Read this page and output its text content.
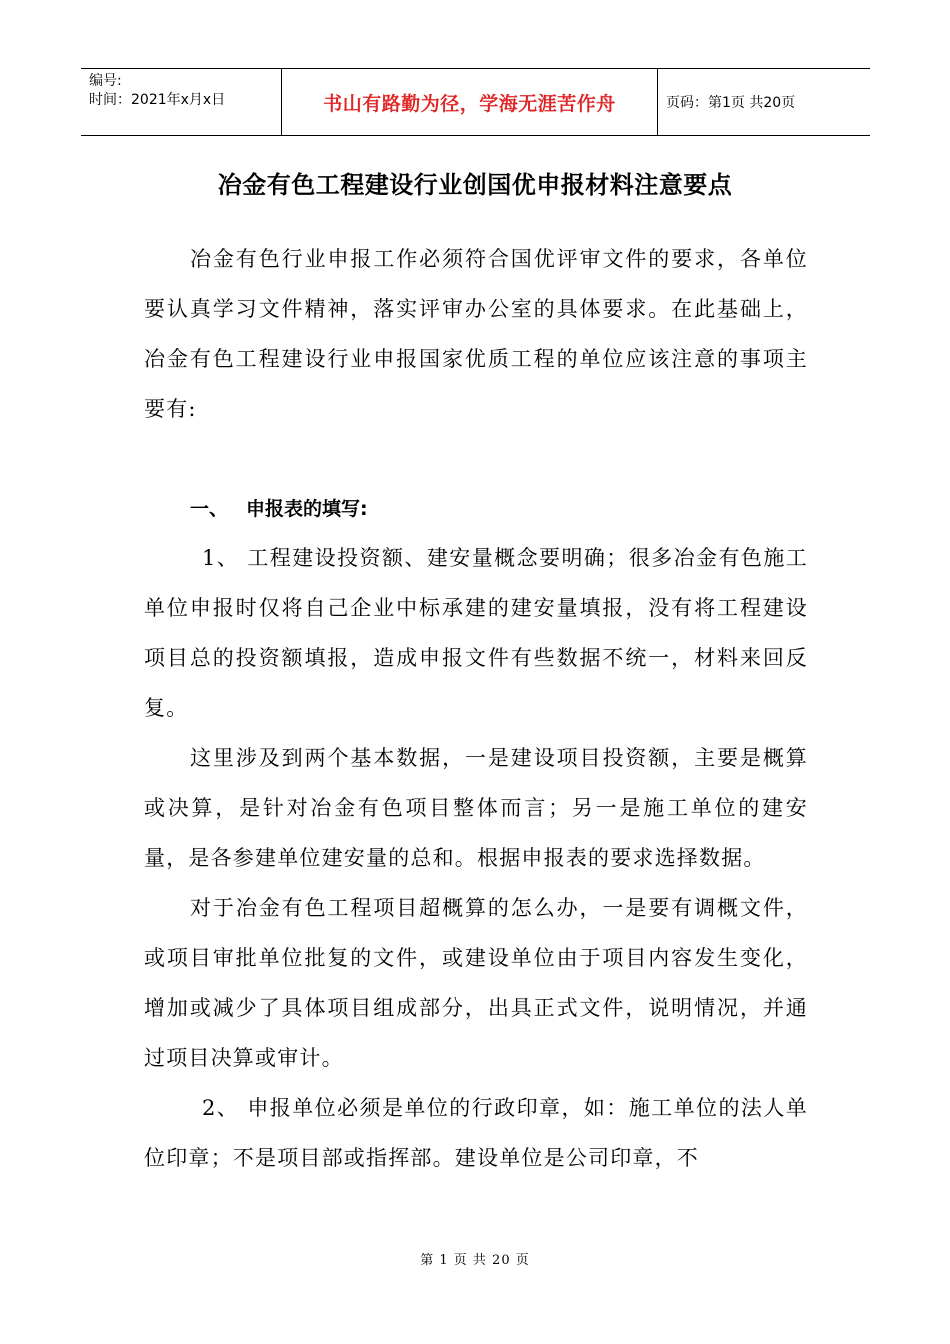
编号:
时间：2021年x月x日	书山有路勤为径，学海无涯苦作舟	页码：第1页 共20页
冶金有色工程建设行业创国优申报材料注意要点
冶金有色行业申报工作必须符合国优评审文件的要求，各单位要认真学习文件精神，落实评审办公室的具体要求。在此基础上，冶金有色工程建设行业申报国家优质工程的单位应该注意的事项主要有:
一、 申报表的填写:
1、 工程建设投资额、建安量概念要明确；很多冶金有色施工单位申报时仅将自己企业中标承建的建安量填报，没有将工程建设项目总的投资额填报，造成申报文件有些数据不统一，材料来回反复。
这里涉及到两个基本数据，一是建设项目投资额，主要是概算或决算，是针对冶金有色项目整体而言；另一是施工单位的建安量，是各参建单位建安量的总和。根据申报表的要求选择数据。
对于冶金有色工程项目超概算的怎么办，一是要有调概文件，或项目审批单位批复的文件，或建设单位由于项目内容发生变化，增加或减少了具体项目组成部分，出具正式文件，说明情况，并通过项目决算或审计。
2、 申报单位必须是单位的行政印章，如：施工单位的法人单位印章；不是项目部或指挥部。建设单位是公司印章，不
第 1 页 共 20 页
